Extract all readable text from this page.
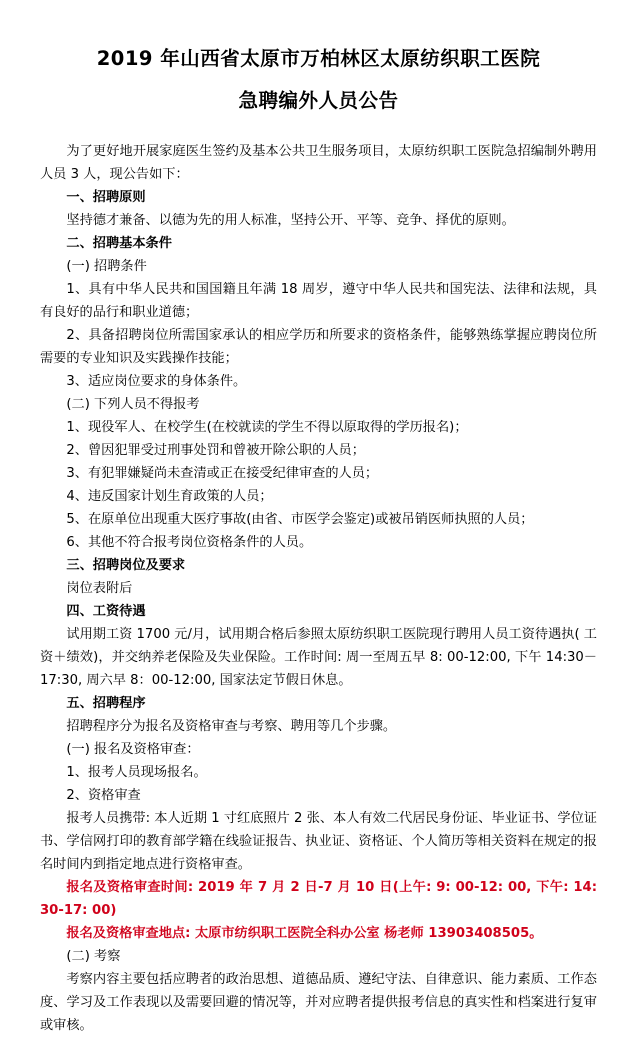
2019 年山西省太原市万柏林区太原纺织职工医院
急聘编外人员公告

为了更好地开展家庭医生签约及基本公共卫生服务项目，太原纺织职工医院急招编制外聘用人员 3 人，现公告如下：

一、招聘原则

坚持德才兼备、以德为先的用人标准，坚持公开、平等、竞争、择优的原则。

二、招聘基本条件

(一) 招聘条件

1、具有中华人民共和国国籍且年满 18 周岁，遵守中华人民共和国宪法、法律和法规，具有良好的品行和职业道德；

2、具备招聘岗位所需国家承认的相应学历和所要求的资格条件，能够熟练掌握应聘岗位所需要的专业知识及实践操作技能；

3、适应岗位要求的身体条件。

(二) 下列人员不得报考

1、现役军人、在校学生(在校就读的学生不得以原取得的学历报名)；

2、曾因犯罪受过刑事处罚和曾被开除公职的人员；

3、有犯罪嫌疑尚未查清或正在接受纪律审查的人员；

4、违反国家计划生育政策的人员；

5、在原单位出现重大医疗事故(由省、市医学会鉴定)或被吊销医师执照的人员；

6、其他不符合报考岗位资格条件的人员。

三、招聘岗位及要求

岗位表附后

四、工资待遇

试用期工资 1700 元/月，试用期合格后参照太原纺织职工医院现行聘用人员工资待遇执( 工资＋绩效)，并交纳养老保险及失业保险。工作时间: 周一至周五早 8: 00-12:00, 下午 14:30－17:30, 周六早 8：00-12:00, 国家法定节假日休息。

五、招聘程序

招聘程序分为报名及资格审查与考察、聘用等几个步骤。

(一) 报名及资格审查：

1、报考人员现场报名。

2、资格审查

报考人员携带: 本人近期 1 寸红底照片 2 张、本人有效二代居民身份证、毕业证书、学位证书、学信网打印的教育部学籍在线验证报告、执业证、资格证、个人简历等相关资料在规定的报名时间内到指定地点进行资格审查。

报名及资格审查时间: 2019 年 7 月 2 日-7 月 10 日(上午: 9: 00-12: 00, 下午: 14: 30-17: 00)

报名及资格审查地点: 太原市纺织职工医院全科办公室 杨老师 13903408505。

(二) 考察

考察内容主要包括应聘者的政治思想、道德品质、遵纪守法、自律意识、能力素质、工作态度、学习及工作表现以及需要回避的情况等，并对应聘者提供报考信息的真实性和档案进行复审或审核。
